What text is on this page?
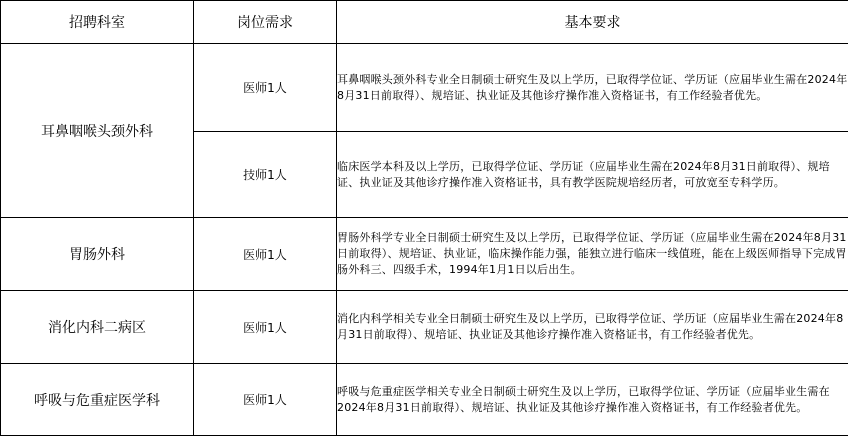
招聘科室	岗位需求	基本要求
耳鼻咽喉头颈外科	医师1人	耳鼻咽喉头颈外科专业全日制硕士研究生及以上学历，已取得学位证、学历证（应届毕业生需在2024年8月31日前取得）、规培证、执业证及其他诊疗操作准入资格证书，有工作经验者优先。
	技师1人	临床医学本科及以上学历，已取得学位证、学历证（应届毕业生需在2024年8月31日前取得）、规培证、执业证及其他诊疗操作准入资格证书，具有教学医院规培经历者，可放宽至专科学历。
胃肠外科	医师1人	胃肠外科学专业全日制硕士研究生及以上学历，已取得学位证、学历证（应届毕业生需在2024年8月31日前取得）、规培证、执业证，临床操作能力强，能独立进行临床一线值班，能在上级医师指导下完成胃肠外科三、四级手术，1994年1月1日以后出生。
消化内科二病区	医师1人	消化内科学相关专业全日制硕士研究生及以上学历，已取得学位证、学历证（应届毕业生需在2024年8月31日前取得）、规培证、执业证及其他诊疗操作准入资格证书，有工作经验者优先。
呼吸与危重症医学科	医师1人	呼吸与危重症医学相关专业全日制硕士研究生及以上学历，已取得学位证、学历证（应届毕业生需在2024年8月31日前取得）、规培证、执业证及其他诊疗操作准入资格证书，有工作经验者优先。
